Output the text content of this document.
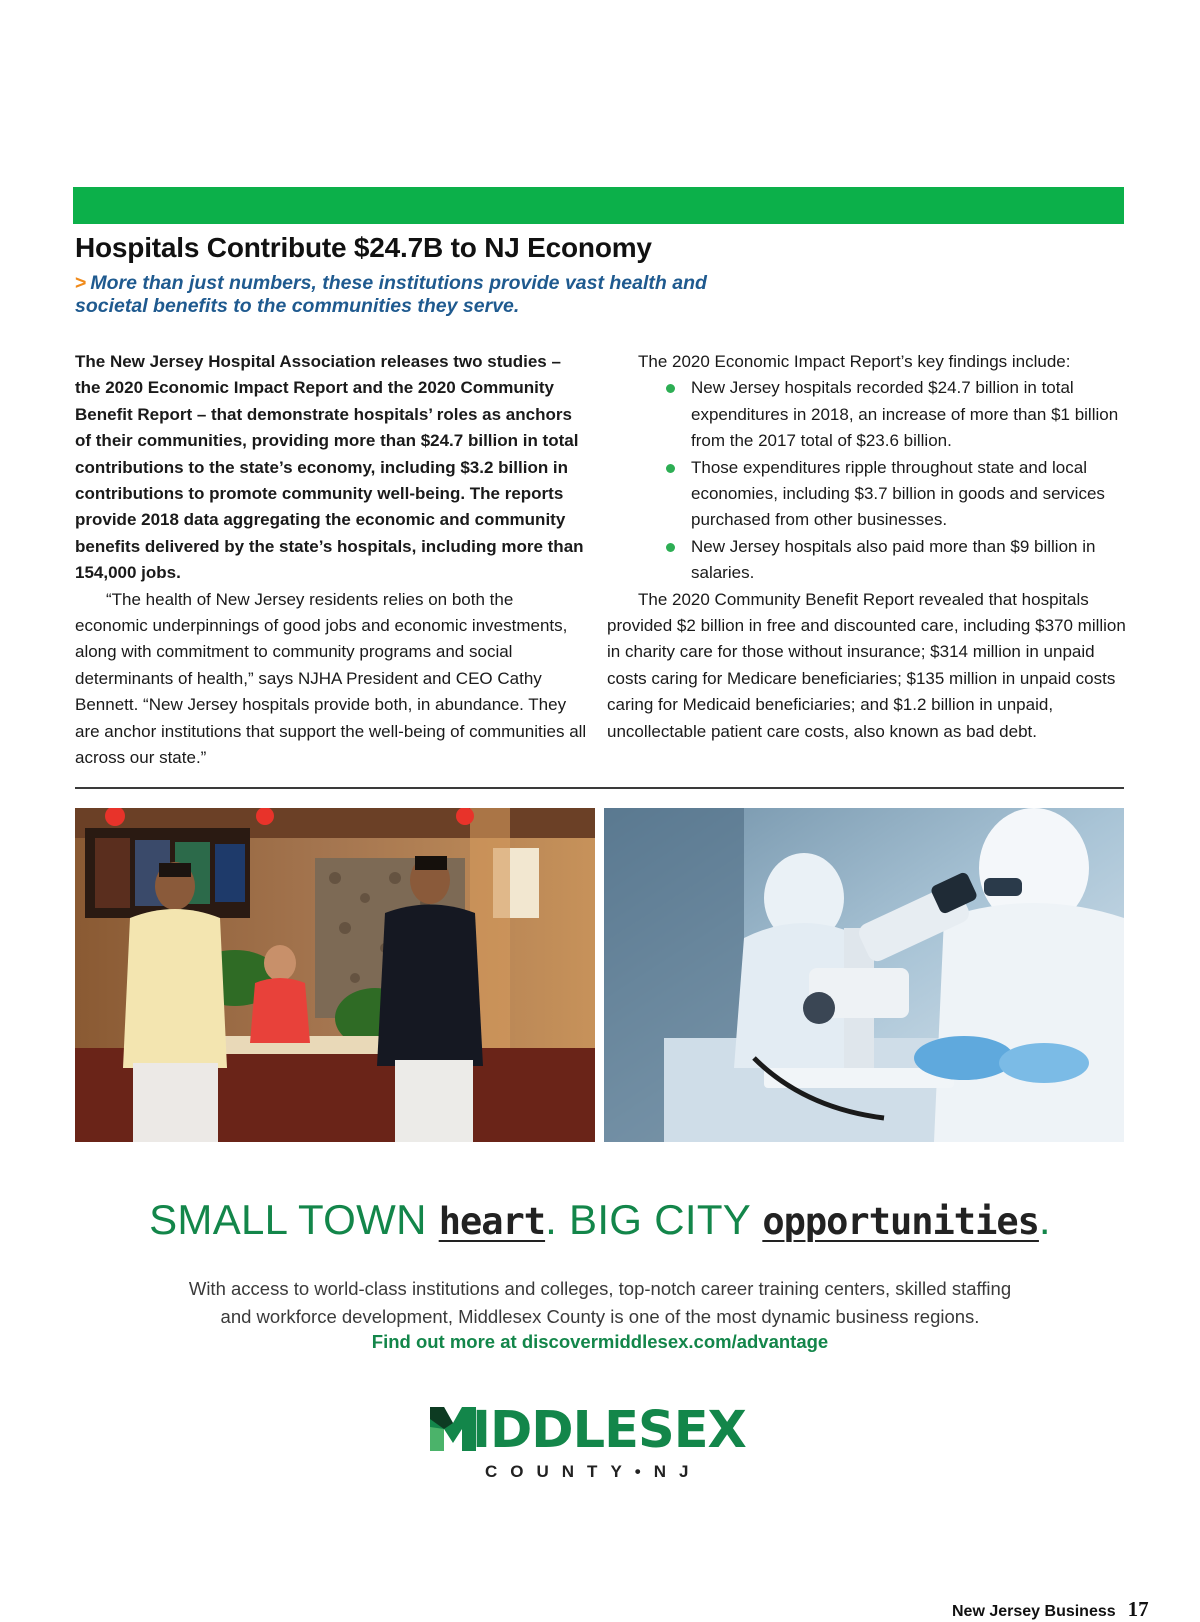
Hospitals Contribute $24.7B to NJ Economy

> More than just numbers, these institutions provide vast health and societal benefits to the communities they serve.

The New Jersey Hospital Association releases two studies – the 2020 Economic Impact Report and the 2020 Community Benefit Report – that demonstrate hospitals’ roles as anchors of their communities, providing more than $24.7 billion in total contributions to the state’s economy, including $3.2 billion in contributions to promote community well-being. The reports provide 2018 data aggregating the economic and community benefits delivered by the state’s hospitals, including more than 154,000 jobs.

“The health of New Jersey residents relies on both the economic underpinnings of good jobs and economic investments, along with commitment to community programs and social determinants of health,” says NJHA President and CEO Cathy Bennett. “New Jersey hospitals provide both, in abundance. They are anchor institutions that support the well-being of communities all across our state.”

The 2020 Economic Impact Report’s key findings include:

New Jersey hospitals recorded $24.7 billion in total expenditures in 2018, an increase of more than $1 billion from the 2017 total of $23.6 billion.
Those expenditures ripple throughout state and local economies, including $3.7 billion in goods and services purchased from other businesses.
New Jersey hospitals also paid more than $9 billion in salaries.

The 2020 Community Benefit Report revealed that hospitals provided $2 billion in free and discounted care, including $370 million in charity care for those without insurance; $314 million in unpaid costs caring for Medicare beneficiaries; $135 million in unpaid costs caring for Medicaid beneficiaries; and $1.2 billion in unpaid, uncollectable patient care costs, also known as bad debt.

SMALL TOWN heart. BIG CITY opportunities.

With access to world-class institutions and colleges, top-notch career training centers, skilled staffing
and workforce development, Middlesex County is one of the most dynamic business regions.

Find out more at discovermiddlesex.com/advantage

IDDLESEX
COUNTY•NJ
New Jersey Business 17
